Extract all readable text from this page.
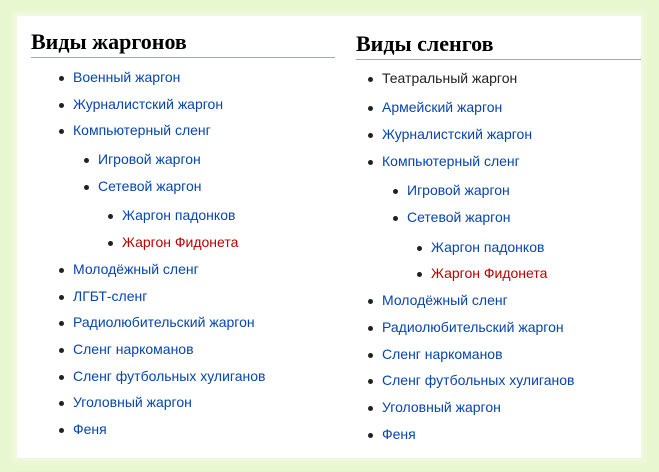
Виды жаргонов
Военный жаргон
Журналистский жаргон
Компьютерный сленг
Игровой жаргон
Сетевой жаргон
Жаргон падонков
Жаргон Фидонета
Молодёжный сленг
ЛГБТ-сленг
Радиолюбительский жаргон
Сленг наркоманов
Сленг футбольных хулиганов
Уголовный жаргон
Феня
Виды сленгов
Театральный жаргон
Армейский жаргон
Журналистский жаргон
Компьютерный сленг
Игровой жаргон
Сетевой жаргон
Жаргон падонков
Жаргон Фидонета
Молодёжный сленг
Радиолюбительский жаргон
Сленг наркоманов
Сленг футбольных хулиганов
Уголовный жаргон
Феня
